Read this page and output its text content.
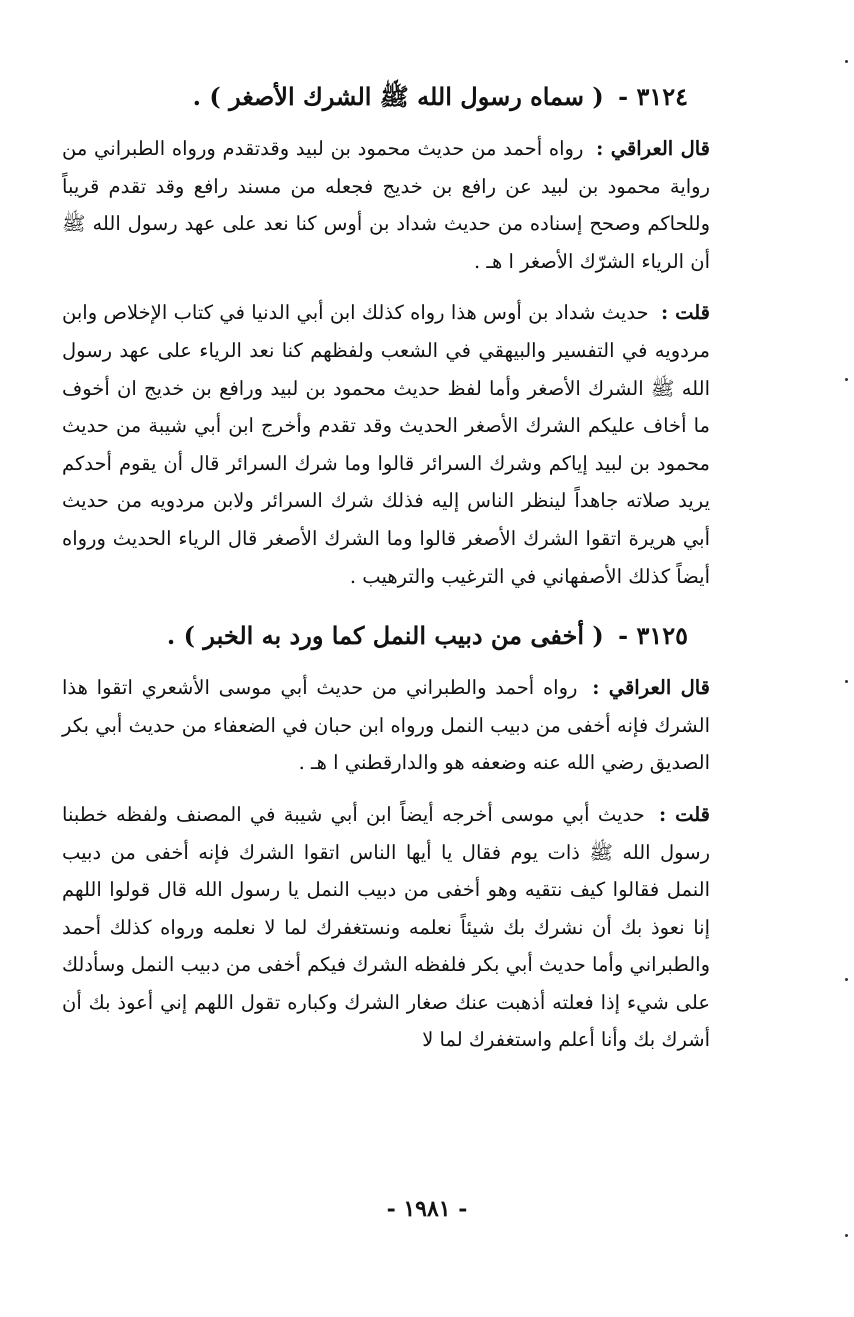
٣١٢٤ - ( سماه رسول الله ﷺ الشرك الأصغر ) .

قال العراقي : رواه أحمد من حديث محمود بن لبيد وقدتقدم ورواه الطبراني من رواية محمود بن لبيد عن رافع بن خديج فجعله من مسند رافع وقد تقدم قريباً وللحاكم وصحح إسناده من حديث شداد بن أوس كنا نعد على عهد رسول الله ﷺ أن الرياء الشرّك الأصغر ا هـ .

قلت : حديث شداد بن أوس هذا رواه كذلك ابن أبي الدنيا في كتاب الإخلاص وابن مردويه في التفسير والبيهقي في الشعب ولفظهم كنا نعد الرياء على عهد رسول الله ﷺ الشرك الأصغر وأما لفظ حديث محمود بن لبيد ورافع بن خديج ان أخوف ما أخاف عليكم الشرك الأصغر الحديث وقد تقدم وأخرج ابن أبي شيبة من حديث محمود بن لبيد إياكم وشرك السرائر قالوا وما شرك السرائر قال أن يقوم أحدكم يريد صلاته جاهداً لينظر الناس إليه فذلك شرك السرائر ولابن مردويه من حديث أبي هريرة اتقوا الشرك الأصغر قالوا وما الشرك الأصغر قال الرياء الحديث ورواه أيضاً كذلك الأصفهاني في الترغيب والترهيب .

٣١٢٥ - ( أخفى من دبيب النمل كما ورد به الخبر ) .

قال العراقي : رواه أحمد والطبراني من حديث أبي موسى الأشعري اتقوا هذا الشرك فإنه أخفى من دبيب النمل ورواه ابن حبان في الضعفاء من حديث أبي بكر الصديق رضي الله عنه وضعفه هو والدارقطني ا هـ .

قلت : حديث أبي موسى أخرجه أيضاً ابن أبي شيبة في المصنف ولفظه خطبنا رسول الله ﷺ ذات يوم فقال يا أيها الناس اتقوا الشرك فإنه أخفى من دبيب النمل فقالوا كيف نتقيه وهو أخفى من دبيب النمل يا رسول الله قال قولوا اللهم إنا نعوذ بك أن نشرك بك شيئاً نعلمه ونستغفرك لما لا نعلمه ورواه كذلك أحمد والطبراني وأما حديث أبي بكر فلفظه الشرك فيكم أخفى من دبيب النمل وسأدلك على شيء إذا فعلته أذهبت عنك صغار الشرك وكباره تقول اللهم إني أعوذ بك أن أشرك بك وأنا أعلم واستغفرك لما لا

- ١٩٨١ -
